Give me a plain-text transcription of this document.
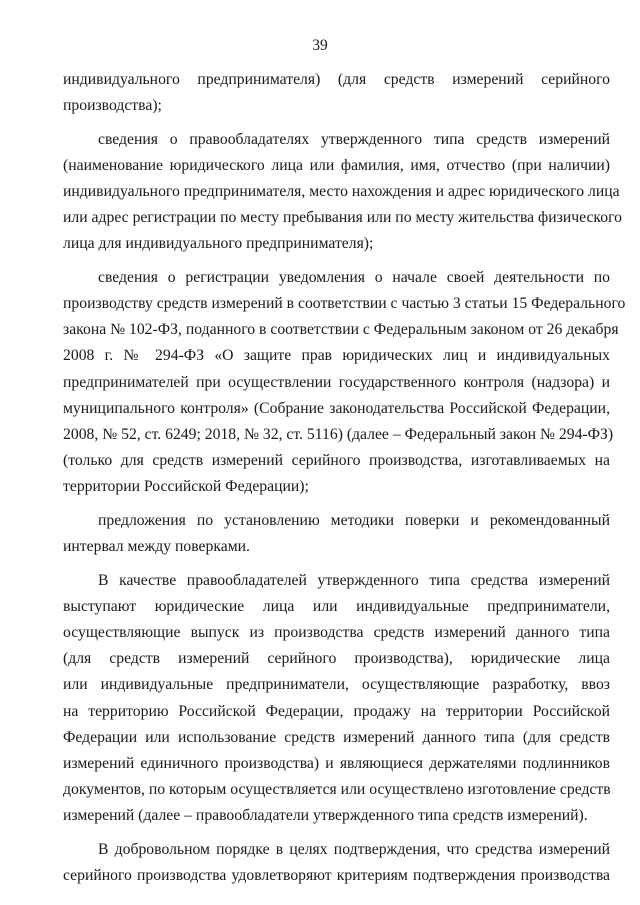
39
индивидуального предпринимателя) (для средств измерений серийного
производства);
сведения о правообладателях утвержденного типа средств измерений
(наименование юридического лица или фамилия, имя, отчество (при наличии)
индивидуального предпринимателя, место нахождения и адрес юридического лица
или адрес регистрации по месту пребывания или по месту жительства физического
лица для индивидуального предпринимателя);
сведения о регистрации уведомления о начале своей деятельности по
производству средств измерений в соответствии с частью 3 статьи 15 Федерального
закона № 102-ФЗ, поданного в соответствии с Федеральным законом от 26 декабря
2008 г. № 294-ФЗ «О защите прав юридических лиц и индивидуальных
предпринимателей при осуществлении государственного контроля (надзора) и
муниципального контроля» (Собрание законодательства Российской Федерации,
2008, № 52, ст. 6249; 2018, № 32, ст. 5116) (далее – Федеральный закон № 294-ФЗ)
(только для средств измерений серийного производства, изготавливаемых на
территории Российской Федерации);
предложения по установлению методики поверки и рекомендованный
интервал между поверками.
В качестве правообладателей утвержденного типа средства измерений
выступают юридические лица или индивидуальные предприниматели,
осуществляющие выпуск из производства средств измерений данного типа
(для средств измерений серийного производства), юридические лица
или индивидуальные предприниматели, осуществляющие разработку, ввоз
на территорию Российской Федерации, продажу на территории Российской
Федерации или использование средств измерений данного типа (для средств
измерений единичного производства) и являющиеся держателями подлинников
документов, по которым осуществляется или осуществлено изготовление средств
измерений (далее – правообладатели утвержденного типа средств измерений).
В добровольном порядке в целях подтверждения, что средства измерений
серийного производства удовлетворяют критериям подтверждения производства
